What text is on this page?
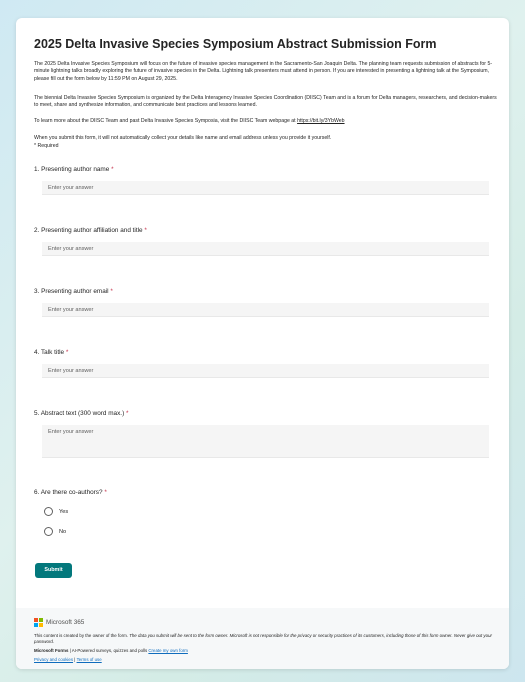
2025 Delta Invasive Species Symposium Abstract Submission Form
The 2025 Delta Invasive Species Symposium will focus on the future of invasive species management in the Sacramento-San Joaquin Delta. The planning team requests submission of abstracts for 5-minute lightning talks broadly exploring the future of invasive species in the Delta. Lightning talk presenters must attend in person. If you are interested in presenting a lightning talk at the Symposium, please fill out the form below by 11:59 PM on August 29, 2025.
The biennial Delta Invasive Species Symposium is organized by the Delta Interagency Invasive Species Coordination (DIISC) Team and is a forum for Delta managers, researchers, and decision-makers to meet, share and synthesize information, and communicate best practices and lessons learned.
To learn more about the DIISC Team and past Delta Invasive Species Symposia, visit the DIISC Team webpage at https://bit.ly/3YbWeb
When you submit this form, it will not automatically collect your details like name and email address unless you provide it yourself.
* Required
1. Presenting author name *
Enter your answer
2. Presenting author affiliation and title *
Enter your answer
3. Presenting author email *
Enter your answer
4. Talk title *
Enter your answer
5. Abstract text (300 word max.) *
Enter your answer
6. Are there co-authors? *
Yes
No
Submit
Microsoft 365
This content is created by the owner of the form. The data you submit will be sent to the form owner. Microsoft is not responsible for the privacy or security practices of its customers, including those of this form owner. Never give out your password.
Microsoft Forms | AI-Powered surveys, quizzes and polls Create my own form
Privacy and cookies | Terms of use
